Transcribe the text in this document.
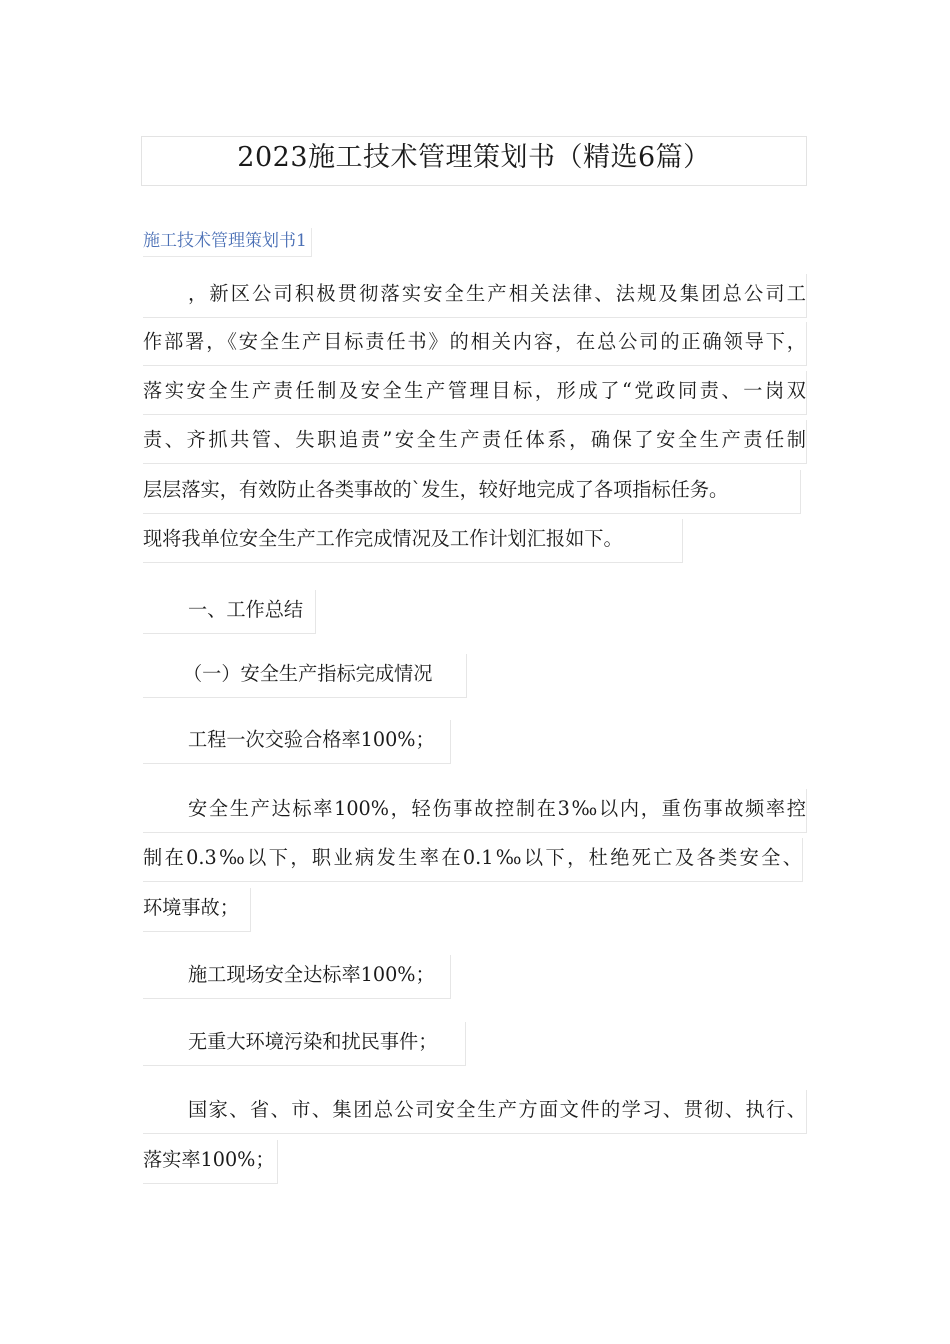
2023施工技术管理策划书（精选6篇）
施工技术管理策划书1
，新区公司积极贯彻落实安全生产相关法律、法规及集团总公司工
作部署，《安全生产目标责任书》的相关内容，在总公司的正确领导下，
落实安全生产责任制及安全生产管理目标，形成了“党政同责、一岗双
责、齐抓共管、失职追责”安全生产责任体系，确保了安全生产责任制
层层落实，有效防止各类事故的`发生，较好地完成了各项指标任务。
现将我单位安全生产工作完成情况及工作计划汇报如下。
一、工作总结
（一）安全生产指标完成情况
工程一次交验合格率100%；
安全生产达标率100%，轻伤事故控制在3‰以内，重伤事故频率控
制在0.3‰以下，职业病发生率在0.1‰以下，杜绝死亡及各类安全、
环境事故；
施工现场安全达标率100%；
无重大环境污染和扰民事件；
国家、省、市、集团总公司安全生产方面文件的学习、贯彻、执行、
落实率100%；
